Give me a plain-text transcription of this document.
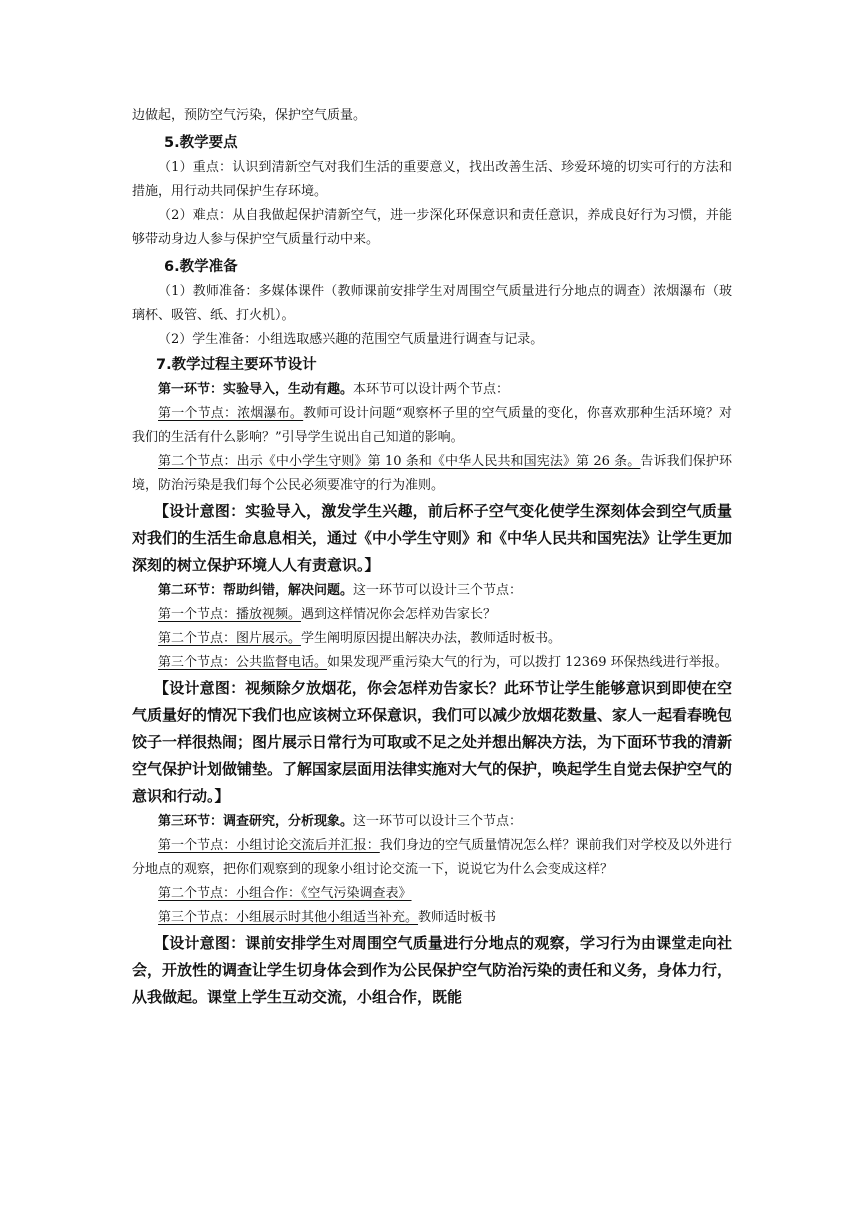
边做起，预防空气污染，保护空气质量。

5.教学要点

（1）重点：认识到清新空气对我们生活的重要意义，找出改善生活、珍爱环境的切实可行的方法和措施，用行动共同保护生存环境。

（2）难点：从自我做起保护清新空气，进一步深化环保意识和责任意识，养成良好行为习惯，并能够带动身边人参与保护空气质量行动中来。

6.教学准备

（1）教师准备：多媒体课件（教师课前安排学生对周围空气质量进行分地点的调查）浓烟瀑布（玻璃杯、吸管、纸、打火机）。

（2）学生准备：小组选取感兴趣的范围空气质量进行调查与记录。

7.教学过程主要环节设计

第一环节：实验导入，生动有趣。本环节可以设计两个节点：

第一个节点：浓烟瀑布。教师可设计问题“观察杯子里的空气质量的变化，你喜欢那种生活环境？对我们的生活有什么影响？”引导学生说出自己知道的影响。

第二个节点：出示《中小学生守则》第 10 条和《中华人民共和国宪法》第 26 条。告诉我们保护环境，防治污染是我们每个公民必须要准守的行为准则。

【设计意图：实验导入，激发学生兴趣，前后杯子空气变化使学生深刻体会到空气质量对我们的生活生命息息相关，通过《中小学生守则》和《中华人民共和国宪法》让学生更加深刻的树立保护环境人人有责意识。】

第二环节：帮助纠错，解决问题。这一环节可以设计三个节点：

第一个节点：播放视频。遇到这样情况你会怎样劝告家长？

第二个节点：图片展示。学生阐明原因提出解决办法，教师适时板书。

第三个节点：公共监督电话。如果发现严重污染大气的行为，可以拨打 12369 环保热线进行举报。

【设计意图：视频除夕放烟花，你会怎样劝告家长？此环节让学生能够意识到即使在空气质量好的情况下我们也应该树立环保意识，我们可以减少放烟花数量、家人一起看春晚包饺子一样很热闹；图片展示日常行为可取或不足之处并想出解决方法，为下面环节我的清新空气保护计划做铺垫。了解国家层面用法律实施对大气的保护，唤起学生自觉去保护空气的意识和行动。】

第三环节：调查研究，分析现象。这一环节可以设计三个节点：

第一个节点：小组讨论交流后并汇报：我们身边的空气质量情况怎么样？课前我们对学校及以外进行分地点的观察，把你们观察到的现象小组讨论交流一下，说说它为什么会变成这样？

第二个节点：小组合作：《空气污染调查表》

第三个节点：小组展示时其他小组适当补充。教师适时板书

【设计意图：课前安排学生对周围空气质量进行分地点的观察，学习行为由课堂走向社会，开放性的调查让学生切身体会到作为公民保护空气防治污染的责任和义务，身体力行，从我做起。课堂上学生互动交流，小组合作，既能
